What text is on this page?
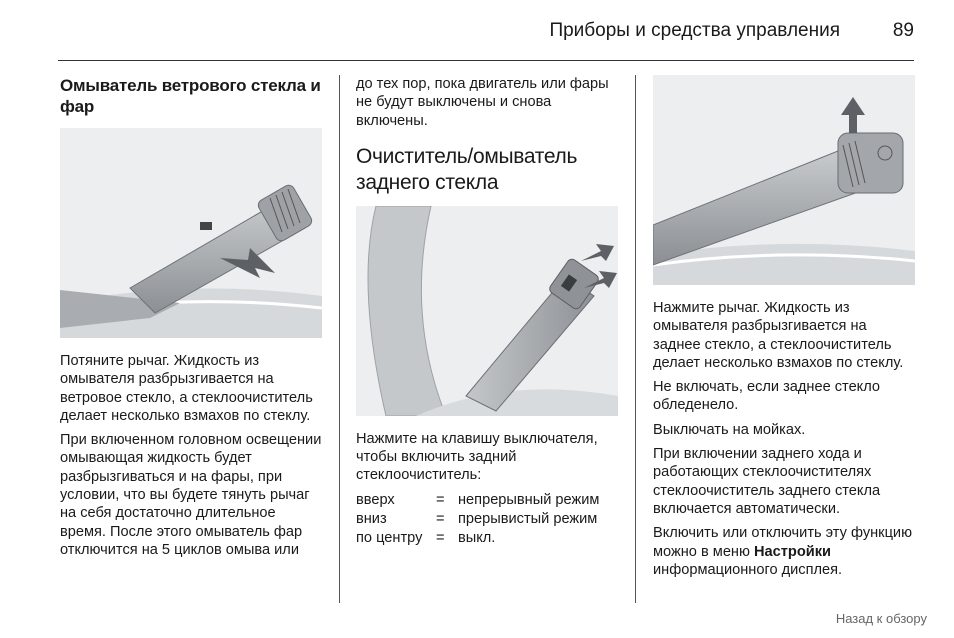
Приборы и средства управления	89
Омыватель ветрового стекла и фар

Потяните рычаг. Жидкость из омывателя разбрызгивается на ветровое стекло, а стеклоочиститель делает несколько взмахов по стеклу.

При включенном головном освещении омывающая жидкость будет разбрызгиваться и на фары, при условии, что вы будете тянуть рычаг на себя достаточно длительное время. После этого омыватель фар отключится на 5 циклов омыва или

до тех пор, пока двигатель или фары не будут выключены и снова включены.

Очиститель/омыватель заднего стекла

Нажмите на клавишу выключателя, чтобы включить задний стеклоочиститель:

вверх	=	непрерывный режим
вниз	=	прерывистый режим
по центру	=	выкл.

Нажмите рычаг. Жидкость из омывателя разбрызгивается на заднее стекло, а стеклоочиститель делает несколько взмахов по стеклу.

Не включать, если заднее стекло обледенело.

Выключать на мойках.

При включении заднего хода и работающих стеклоочистителях стеклоочиститель заднего стекла включается автоматически.

Включить или отключить эту функцию можно в меню Настройки информационного дисплея.

Назад к обзору
